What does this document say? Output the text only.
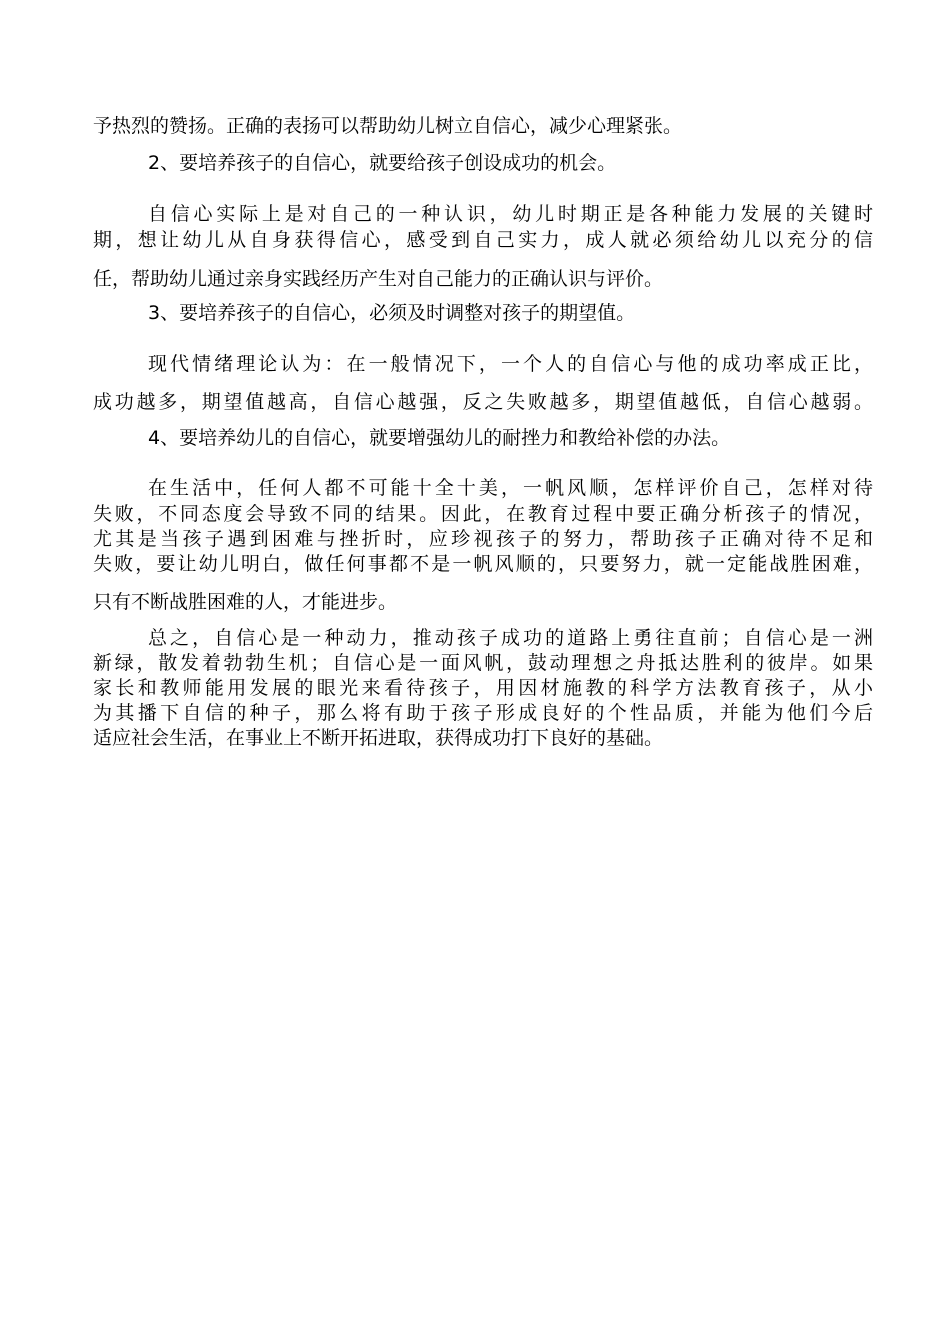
予热烈的赞扬。正确的表扬可以帮助幼儿树立自信心，减少心理紧张。

2、要培养孩子的自信心，就要给孩子创设成功的机会。

自信心实际上是对自己的一种认识，幼儿时期正是各种能力发展的关键时

期，想让幼儿从自身获得信心，感受到自己实力，成人就必须给幼儿以充分的信

任，帮助幼儿通过亲身实践经历产生对自己能力的正确认识与评价。

3、要培养孩子的自信心，必须及时调整对孩子的期望值。

现代情绪理论认为：在一般情况下，一个人的自信心与他的成功率成正比，

成功越多，期望值越高，自信心越强，反之失败越多，期望值越低，自信心越弱。

4、要培养幼儿的自信心，就要增强幼儿的耐挫力和教给补偿的办法。

在生活中，任何人都不可能十全十美，一帆风顺，怎样评价自己，怎样对待

失败，不同态度会导致不同的结果。因此，在教育过程中要正确分析孩子的情况，

尤其是当孩子遇到困难与挫折时，应珍视孩子的努力，帮助孩子正确对待不足和

失败，要让幼儿明白，做任何事都不是一帆风顺的，只要努力，就一定能战胜困难，

只有不断战胜困难的人，才能进步。

总之，自信心是一种动力，推动孩子成功的道路上勇往直前；自信心是一洲

新绿，散发着勃勃生机；自信心是一面风帆，鼓动理想之舟抵达胜利的彼岸。如果

家长和教师能用发展的眼光来看待孩子，用因材施教的科学方法教育孩子，从小

为其播下自信的种子，那么将有助于孩子形成良好的个性品质，并能为他们今后

适应社会生活，在事业上不断开拓进取，获得成功打下良好的基础。
